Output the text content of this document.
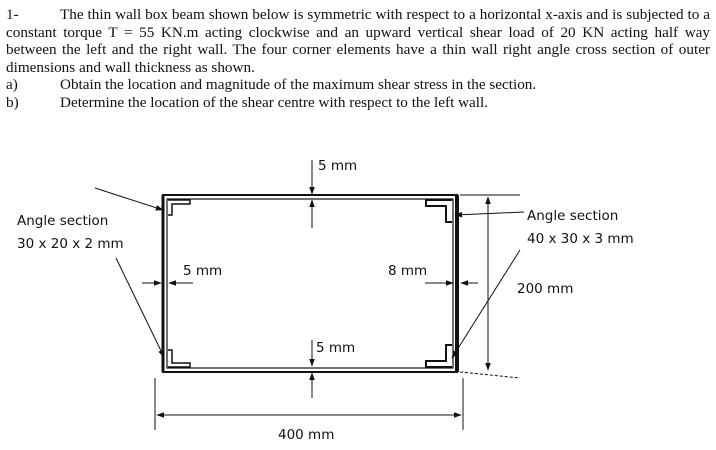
1-	The thin wall box beam shown below is symmetric with respect to a horizontal x-axis and is subjected to a constant torque T = 55 KN.m acting clockwise and an upward vertical shear load of 20 KN acting half way between the left and the right wall. The four corner elements have a thin wall right angle cross section of outer dimensions and wall thickness as shown.

a)	Obtain the location and magnitude of the maximum shear stress in the section.
b)	Determine the location of the shear centre with respect to the left wall.
5 mm
5 mm
5 mm	8 mm
400 mm
200 mm
Angle section
30 x 20 x 2 mm
Angle section
40 x 30 x 3 mm
